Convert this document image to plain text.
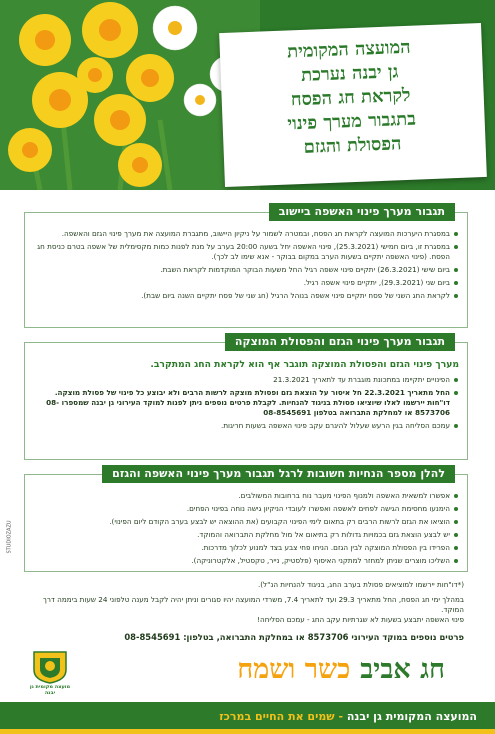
המועצה המקומית
גן יבנה נערכת
לקראת חג הפסח
בתגבור מערך פינוי
הפסולת והגזם
תגבור מערך פינוי האשפה ביישוב
במסגרת היערכות המועצה לקראת חג הפסח, ובמטרה לשמור על ניקיון היישוב, מתגברת המועצה את מערך פינוי הגזם והאשפה.
במסגרת זו, ביום חמישי (25.3.2021), פינוי האשפה יחל בשעה 20:00 בערב על מנת לפנות כמות מקסימלית של אשפה בטרם כניסת חג הפסח. (פינוי האשפה יתקיים בשעות הערב במקום בבוקר - אנא שימו לב לכך).
ביום שישי (26.3.2021) יתקיים פינוי אשפה רגיל החל משעות הבוקר המוקדמות לקראת השבת.
ביום שני (29.3.2021), יתקיים פינוי אשפה רגיל.
לקראת החג השני של פסח יתקיים פינוי אשפה בנוהל הרגיל (חג שני של פסח יתקיים השנה ביום שבת).
תגבור מערך פינוי הגזם והפסולת המוצקה
מערך פינוי הגזם והפסולת המוצקה תוגבר אף הוא לקראת החג המתקרב.
הפינויים יתקיימו במתכונת מוגברת עד לתאריך 21.3.2021
החל מתאריך 22.3.2021 חל איסור על הוצאת גזם ופסולת מוצקה לרשות הרבים ולא יבוצע כל פינוי של פסולת מוצקה. דו"חות יירשמו לאלו שיוציאו פסולת בניגוד להנחיות. לקבלת פרטים נוספים ניתן לפנות למוקד העירוני גן יבנה שמספרו 08-8573706 או למחלקת התברואה בטלפון 08-8545691
עמכם הסליחה בגין הרעש שעלול להיגרם עקב פינוי האשפה בשעות חריגות.
להלן מספר הנחיות חשובות לרגל תגבור מערך פינוי האשפה והגזם
אפשרו למשאית האשפה ולמנוף הפינוי מעבר נוח ברחובות המשולבים.
הימנעו מחסימת הגישה לפחים לאשפה ואפשרו לעובדי הניקיון גישה נוחה בפינוי הפחים.
הוציאו את הגזם לרשות הרבים רק בתאום לימי הפינוי הקבועים (את ההוצאה יש לבצע בערב הקודם ליום הפינוי).
יש לבצע הוצאת גזם בכמויות גדולות רק בתיאום אל מול מחלקת התברואה והמוקד.
הפרידו בין הפסולת המוצקה לבין הגזם. הניחו פחי צבע בצד למנוע לכלוך מדרכות.
השליכו מוצרים שניתן למחזר למתקני האיסוף (פלסטיק, נייר, טקסטיל, אלקטרוניקה).
STUDIOZAZU

(*דו"חות יירשמו למוציאים פסולת בערב החג, בניגוד להנחיות הנ"ל).

במהלך ימי חג הפסח, החל מתאריך 29.3 ועד לתאריך 7.4, משרדי המועצה יהיו סגורים וניתן יהיה לקבל מענה טלפוני 24 שעות ביממה דרך המוקד.

פינוי האשפה יתבצע בשעות לא שגרתיות עקב החג - עמכם הסליחה!

פרטים נוספים במוקד העירוני 8573706 או במחלקת התברואה, בטלפון: 08-8545691

חג אביבכשר ושמח
מועצה מקומית גן יבנה
המועצה המקומית גן יבנה - שמים את החיים במרכז
